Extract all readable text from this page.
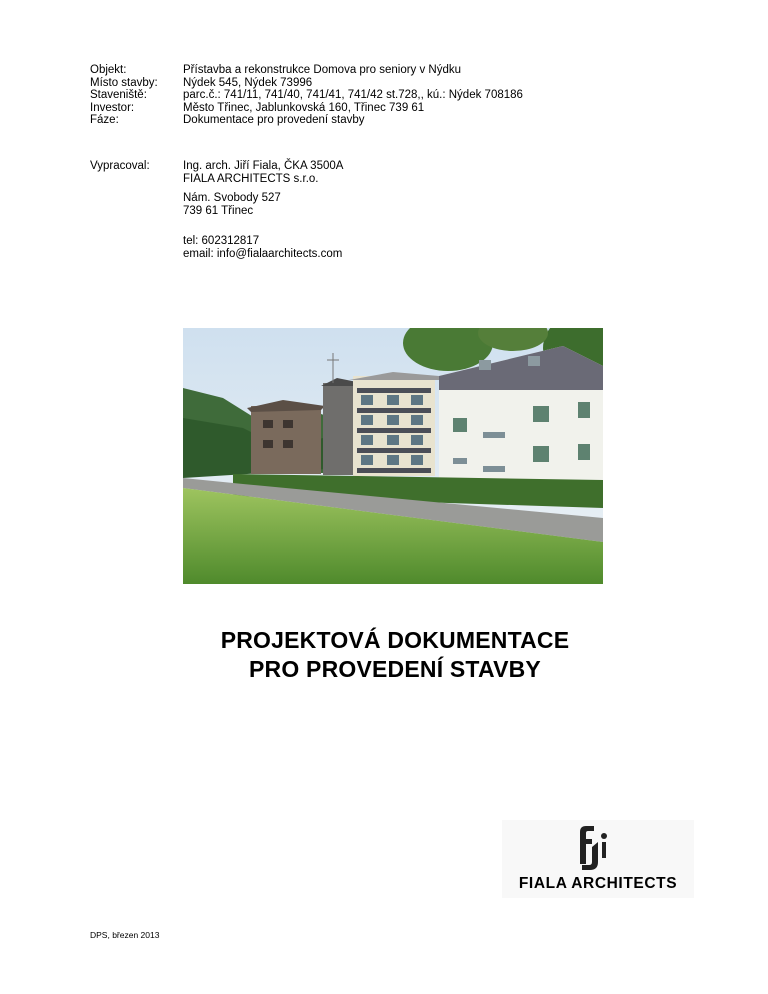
Objekt:	Přístavba a rekonstrukce Domova pro seniory v Nýdku
Místo stavby: Nýdek 545, Nýdek 73996
Staveniště:	parc.č.: 741/11, 741/40, 741/41, 741/42 st.728,, kú.: Nýdek 708186
Investor:	Město Třinec, Jablunkovská 160, Třinec 739 61
Fáze:	Dokumentace pro provedení stavby
Vypracoval:	Ing. arch. Jiří Fiala, ČKA 3500A
FIALA ARCHITECTS s.r.o.
Nám. Svobody 527
739 61 Třinec
tel: 602312817
email: info@fialaarchitects.com
PROJEKTOVÁ DOKUMENTACE
PRO PROVEDENÍ STAVBY
FIALA ARCHITECTS
DPS, březen 2013
